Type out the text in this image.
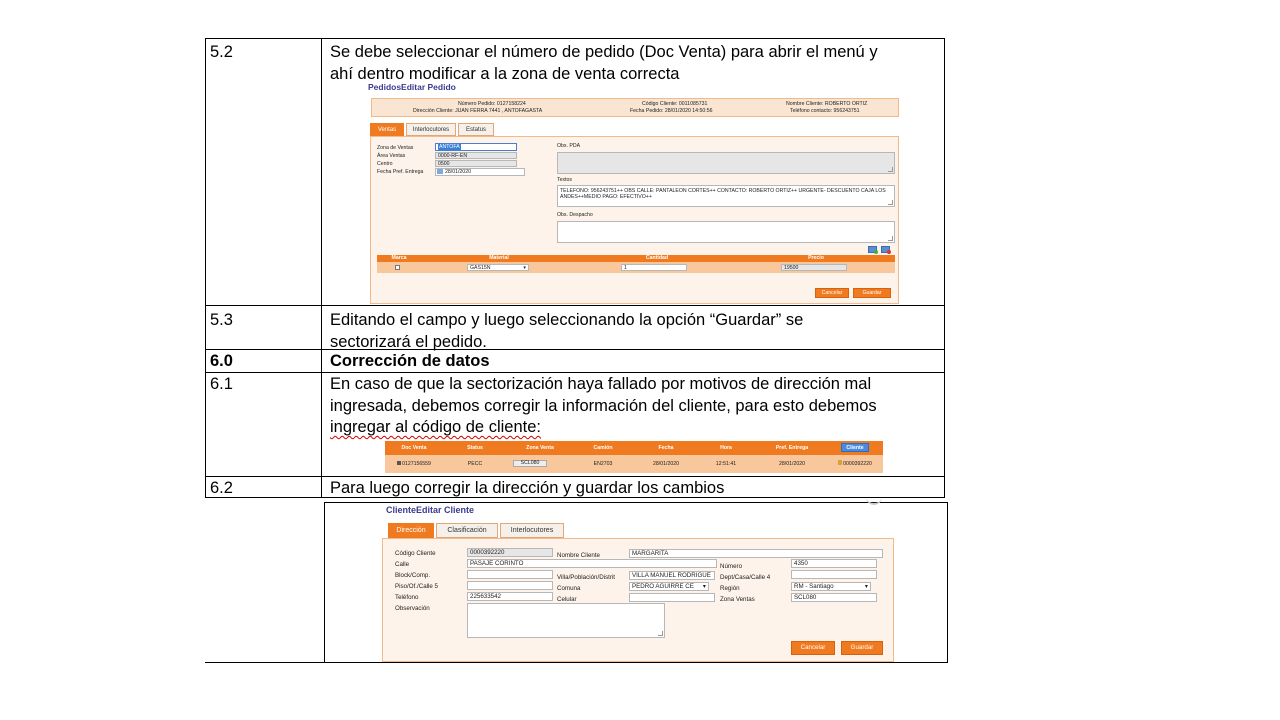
5.2	Se debe seleccionar el número de pedido (Doc Venta) para abrir el menú y
ahí dentro modificar a la zona de venta correcta
5.3	Editando el campo y luego seleccionando la opción “Guardar” se
sectorizará el pedido.
6.0	Corrección de datos
6.1	En caso de que la sectorización haya fallado por motivos de dirección mal
ingresada, debemos corregir la información del cliente, para esto debemos
ingregar al código de cliente:
6.2	Para luego corregir la dirección y guardar los cambios
PedidosEditar Pedido
Número Pedido: 0127158224
Dirección Cliente: JUAN FERRA 7441 , ANTOFAGASTA
Código Cliente: 0011085731
Fecha Pedido: 28/01/2020 14:50:56
Nombre Cliente: ROBERTO ORTIZ
Teléfono contacto: 956243751
Ventas	Interlocutores	Estatus
Zona de Ventas	ANTOFA
Área Ventas	0000-RF-EN
Centro	0500
Fecha Pref. Entrega	28/01/2020
Obs. PDA
Textos
TELEFONO: 956243751++ OBS CALLE: PANTALEON CORTES++ CONTACTO: ROBERTO ORTIZ++ URGENTE- DESCUENTO CAJA LOS
ANDES++MEDIO PAGO: EFECTIVO++
Obs. Despacho
Marca	Material	Cantidad	Precio
GAS15N	▾	1	19500
Cancelar	Guardar
Doc Venta	Status	Zona Venta	Camión	Fecha	Hora	Pref. Entrega	Cliente
0127156559	PECC	SCL080	EN2703	28/01/2020	12:51:41	28/01/2020	0000392220
ClienteEditar Cliente
Dirección	Clasificación	Interlocutores
Código Cliente	0000392220
Calle	PASAJE CORINTO
Block/Comp.
Piso/Of./Calle 5
Teléfono	225633542
Observación
Nombre Cliente	MARGARITA
Villa/Población/Distrit	VILLA MANUEL RODRIGUE
Comuna	PEDRO AGUIRRE CE ▾
Celular
Número	4350
Dept/Casa/Calle 4
Región	RM - Santiago	▾
Zona Ventas	SCL080
Cancelar	Guardar
